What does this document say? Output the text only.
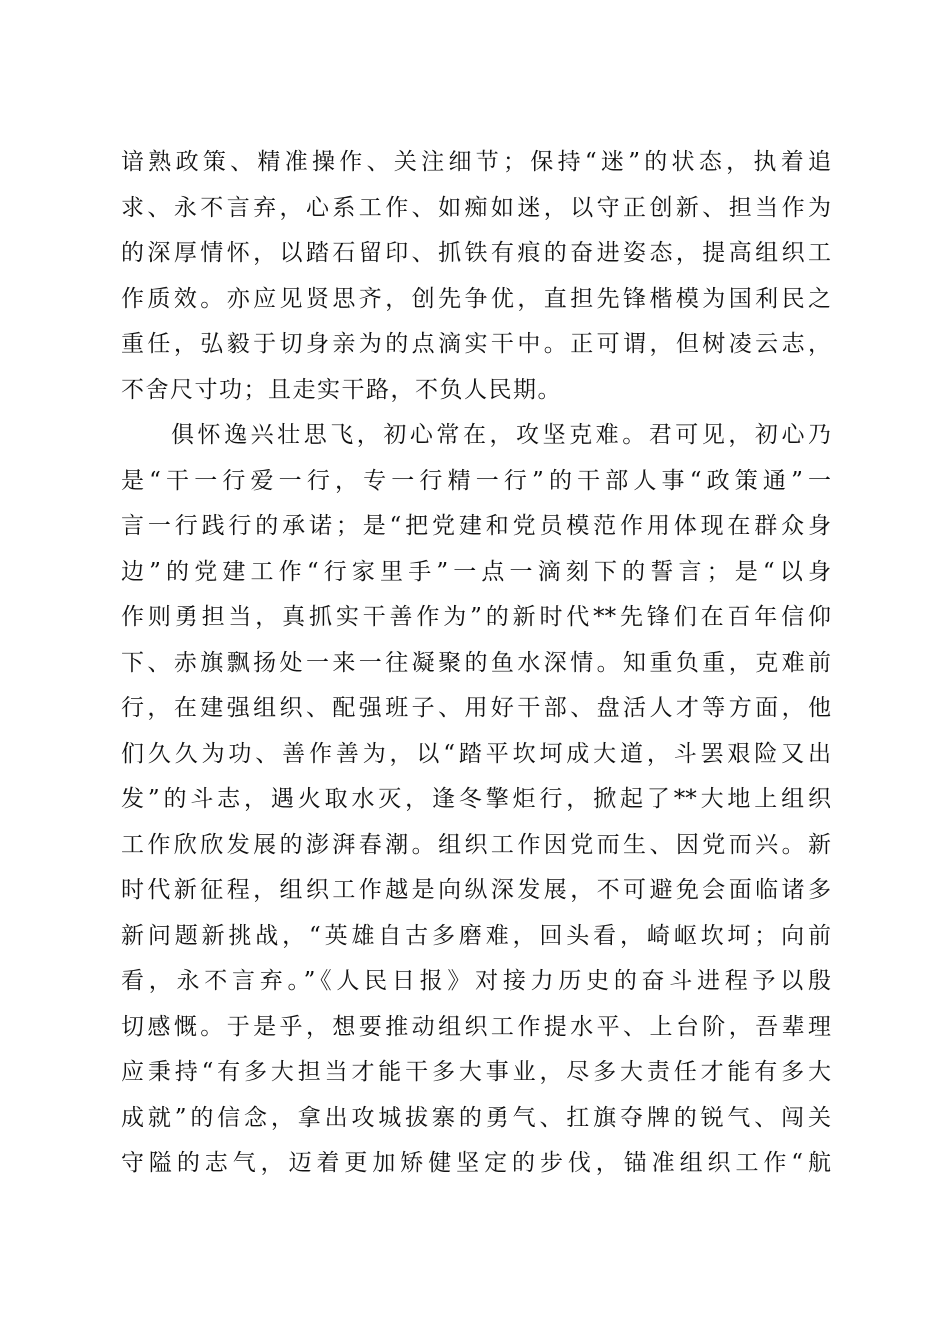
谙熟政策、精准操作、关注细节；保持“迷”的状态，执着追
求、永不言弃，心系工作、如痴如迷，以守正创新、担当作为
的深厚情怀，以踏石留印、抓铁有痕的奋进姿态，提高组织工
作质效。亦应见贤思齐，创先争优，直担先锋楷模为国利民之
重任，弘毅于切身亲为的点滴实干中。正可谓，但树凌云志，
不舍尺寸功；且走实干路，不负人民期。
俱怀逸兴壮思飞，初心常在，攻坚克难。君可见，初心乃
是“干一行爱一行，专一行精一行”的干部人事“政策通”一
言一行践行的承诺；是“把党建和党员模范作用体现在群众身
边”的党建工作“行家里手”一点一滴刻下的誓言；是“以身
作则勇担当，真抓实干善作为”的新时代**先锋们在百年信仰
下、赤旗飘扬处一来一往凝聚的鱼水深情。知重负重，克难前
行，在建强组织、配强班子、用好干部、盘活人才等方面，他
们久久为功、善作善为，以“踏平坎坷成大道，斗罢艰险又出
发”的斗志，遇火取水灭，逢冬擎炬行，掀起了**大地上组织
工作欣欣发展的澎湃春潮。组织工作因党而生、因党而兴。新
时代新征程，组织工作越是向纵深发展，不可避免会面临诸多
新问题新挑战，“英雄自古多磨难，回头看，崎岖坎坷；向前
看，永不言弃。”《人民日报》对接力历史的奋斗进程予以殷
切感慨。于是乎，想要推动组织工作提水平、上台阶，吾辈理
应秉持“有多大担当才能干多大事业，尽多大责任才能有多大
成就”的信念，拿出攻城拔寨的勇气、扛旗夺牌的锐气、闯关
守隘的志气，迈着更加矫健坚定的步伐，锚准组织工作“航
